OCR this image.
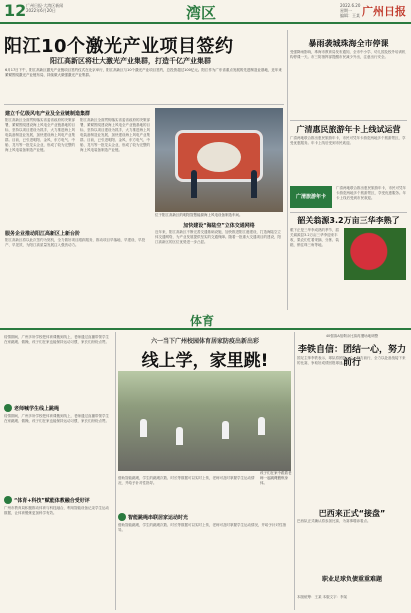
12 广州日报·大湾区新闻
2022年6月20日	湾区	2022.6.20
星期一
编辑：王某 广州日报
阳江10个激光产业项目签约
阳江高新区将壮大激光产业集群，打造千亿产业集群
6月17日下午，阳江高新区激光产业链项目签约仪式在北京举行，阳江高新区与10个激光产业项目签约，总投资超过100亿元。阳江作为广东省重点发展的先进制造业基地，近年来紧紧围绕激光产业链布局，持续做大做强激光产业集群。
建立千亿级风电产业及全业链制造集群
阳江高新区全面贯彻落实省委省政府的决策部署，紧紧围绕建设海上风电全产业链基地的目标，坚持以项目建设为抓手，大力推进海上风电装备制造业发展，加快建设海上风电产业集群。目前，已引进明阳、金风、东方电气、中船、龙马等一批龙头企业，形成了较为完整的海上风电装备制造产业链。
阳江高新区全面贯彻落实省委省政府的决策部署，紧紧围绕建设海上风电全产业链基地的目标，坚持以项目建设为抓手，大力推进海上风电装备制造业发展，加快建设海上风电产业集群。目前，已引进明阳、金风、东方电气、中船、龙马等一批龙头企业，形成了较为完整的海上风电装备制造产业链。
服务企业推动阳江高新区上新台阶
阳江高新区将以此次签约为契机，全力做好项目跟踪服务，推动项目早落地、早建设、早投产、早见效，为阳江高质量发展注入强劲动力。
位于阳江高新区的明阳智慧能源海上风电设备制造车间。
加快建设“海陆空”立体交通网络
近年来，阳江高新区不断完善交通基础设施，加快推进阳江港建设，打造海陆空立体交通网络，为产业发展提供坚实的交通保障。随着一批重大交通项目的建设，阳江高新区的区位优势进一步凸显。
暴雨袭城珠海全市停课
受强降雨影响，珠海市教育局发布通知，全市中小学、幼儿园及校外培训机构停课一天。市三防指挥部提醒市民减少外出，注意出行安全。
广清惠民旅游年卡上线试运营
广清两地联合推出惠民旅游年卡，市民可凭年卡游览两地多个旅游景区，享受优惠服务。年卡上线后受到市民欢迎。
广清旅游年卡
广清两地联合推出惠民旅游年卡，市民可凭年卡游览两地多个旅游景区，享受优惠服务。年卡上线后受到市民欢迎。
韶关翁源3.2万亩三华李熟了
眼下正是三华李成熟的季节，韶关翁源县3.2万亩三华李迎来丰收，果农们忙着采摘、分拣、装箱，销往珠三角等地。
体育
六一当下广州校园体育居家防疫出新出彩
线上学，家里跳!
孩子们在家中跟着老师一起跳绳锻炼身体。
疫情期间，广州多所学校把体育课搬到线上，老师通过直播带领学生在家跳绳、做操，孩子们在家也能保持运动习惯，家长们纷纷点赞。
老师喊学生线上跳绳
疫情期间，广州多所学校把体育课搬到线上，老师通过直播带领学生在家跳绳、做操，孩子们在家也能保持运动习惯，家长们纷纷点赞。
“体育+科技”赋能体教融合受好评
广州市教育局积极推动体育与科技融合，利用智能设备记录学生运动数据，让体育锻炼更加科学有效。
借助智能跳绳，学生的跳绳次数、时长等数据可以实时上传，老师可及时掌握学生运动情况，并给予针对性指导。
智能跳绳串联居家运动时光
借助智能跳绳，学生的跳绳次数、时长等数据可以实时上传，老师可及时掌握学生运动情况，并给予针对性指导。
40强赛A组剩余比赛再遭场地调整
李铁自信：团结一心，努力前行
国足主帅李铁表示，球队将团结一心，努力前行，全力以赴备战接下来的比赛，争取好成绩回报球迷。
巴西来正式“接盘”
巴西队正式确认将参加比赛，为赛事增添看点。
职业足球负债重重难题
本版统筹：王某 本版文字：李某
